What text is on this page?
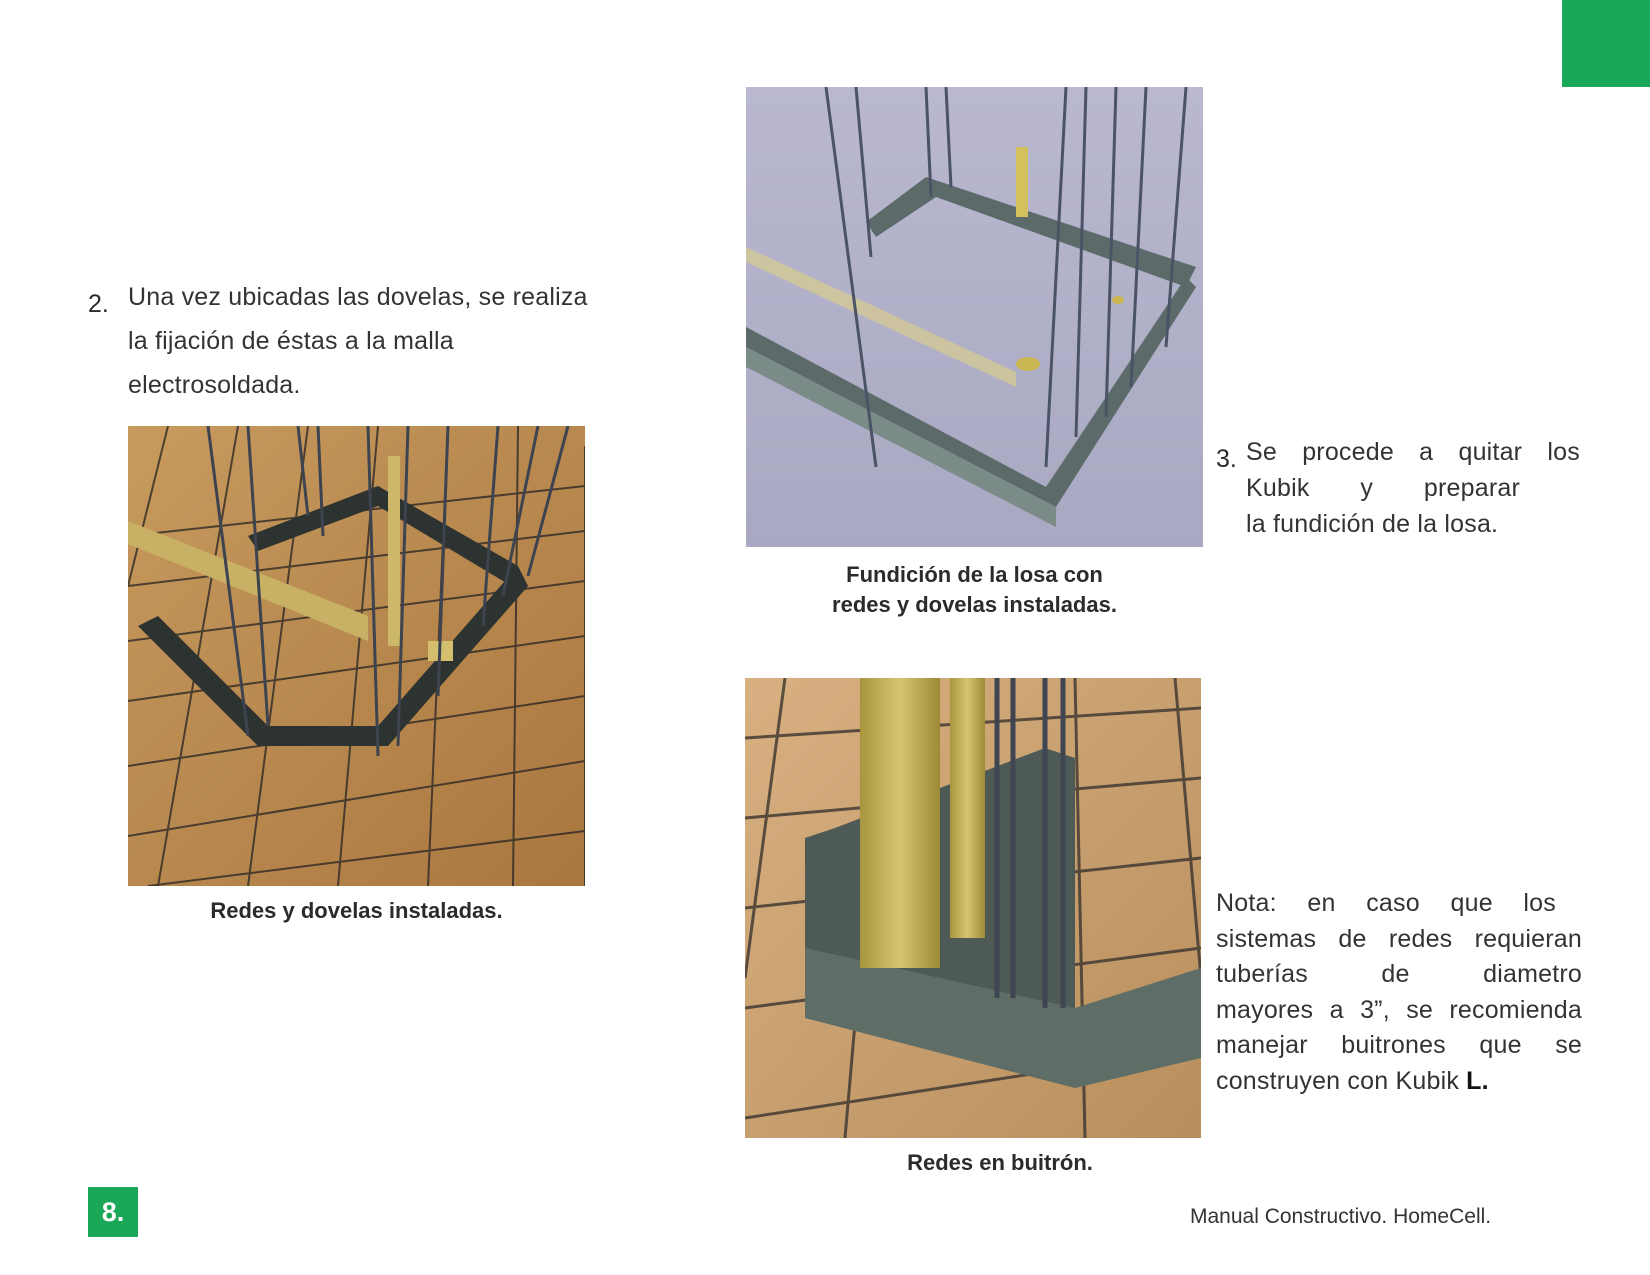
2. Una vez ubicadas las dovelas, se realiza
la fijación de éstas a la malla
electrosoldada.
Redes y dovelas instaladas.
Fundición de la losa con
redes y dovelas instaladas.
3. Se procede a quitar los
Kubik y preparar
la fundición de la losa.
Redes en buitrón.
Nota: en caso que los
sistemas de redes requieran
tuberías de diametro
mayores a 3”, se recomienda
manejar buitrones que se
construyen con Kubik L.
8.	Manual Constructivo. HomeCell.
